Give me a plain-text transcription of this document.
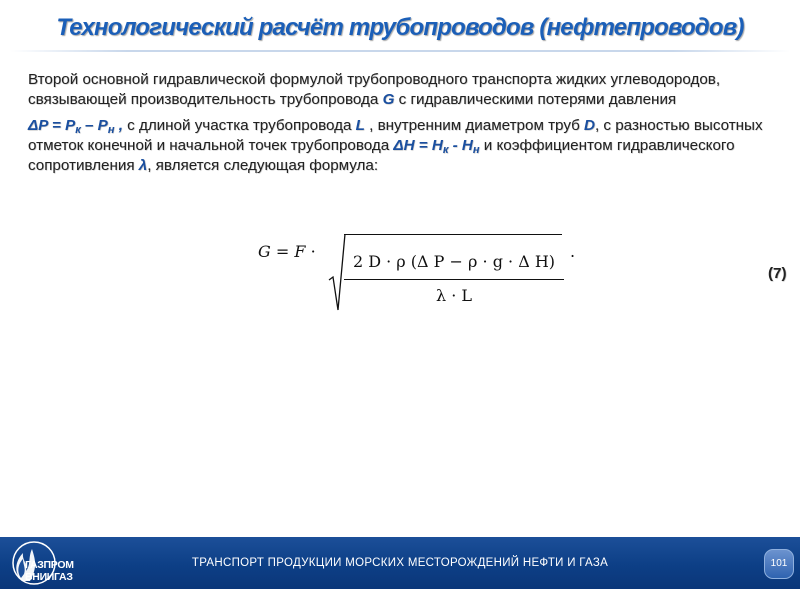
Технологический расчёт трубопроводов (нефтепроводов)

Второй основной гидравлической формулой трубопроводного транспорта жидких углеводородов, связывающей производительность трубопровода G с гидравлическими потерями давления

$\Delta P = P_к - P_н$ , с длиной участка трубопровода L , внутренним диаметром труб D, с разностью высотных отметок конечной и начальной точек трубопровода $\Delta H = H_к - H_н$ и коэффициентом гидравлического сопротивления λ, является следующая формула:

G = F ·
2 D · ρ (Δ P − ρ · g · Δ H)
λ · L
.
(7)
ГАЗПРОМ
ВНИИГАЗ
ТРАНСПОРТ ПРОДУКЦИИ МОРСКИХ МЕСТОРОЖДЕНИЙ НЕФТИ И ГАЗА	101
